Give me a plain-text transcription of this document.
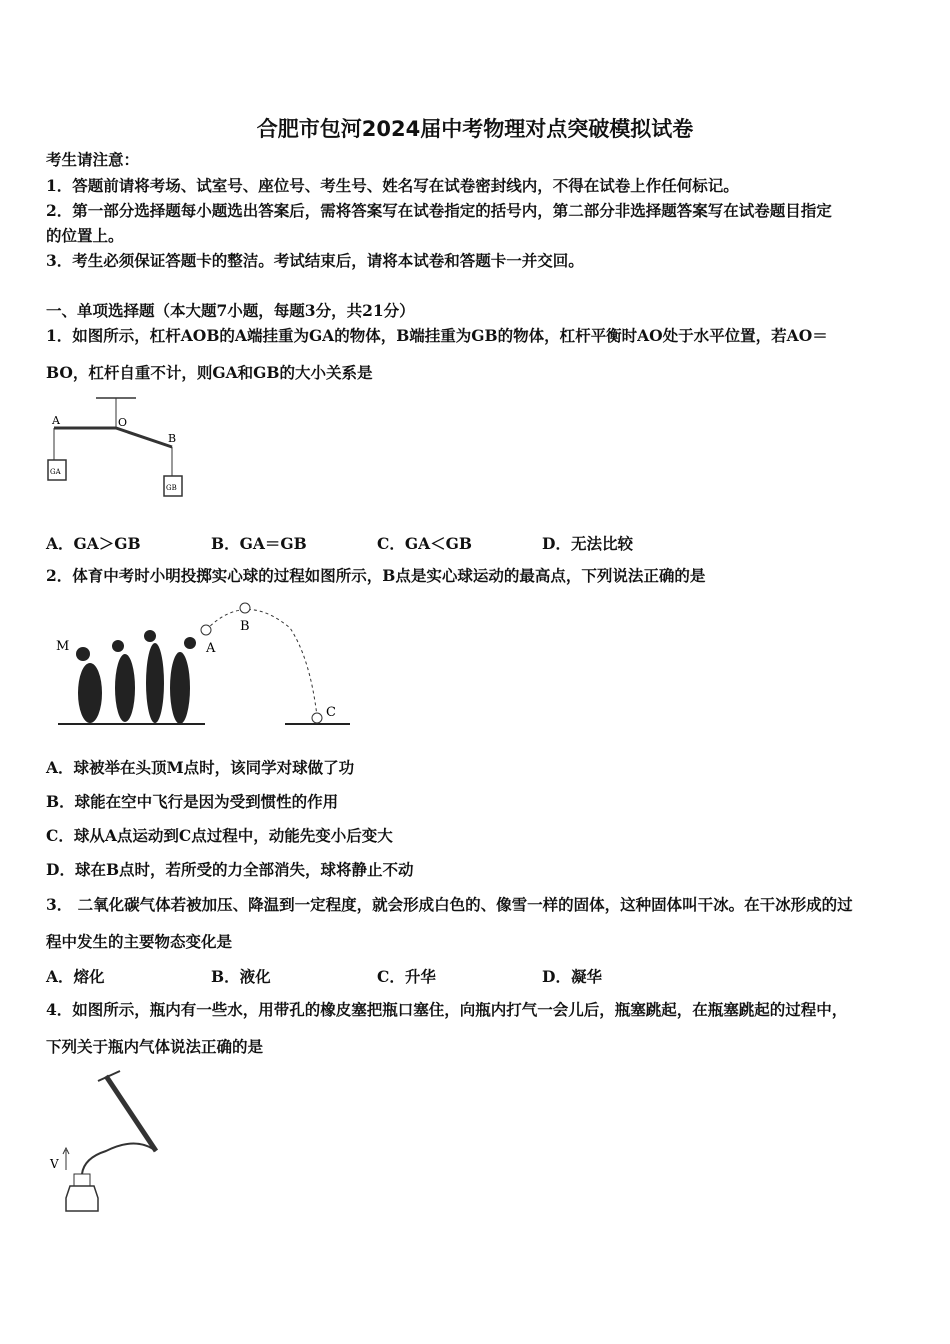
合肥市包河2024届中考物理对点突破模拟试卷
考生请注意：
1．答题前请将考场、试室号、座位号、考生号、姓名写在试卷密封线内，不得在试卷上作任何标记。
2．第一部分选择题每小题选出答案后，需将答案写在试卷指定的括号内，第二部分非选择题答案写在试卷题目指定
的位置上。
3．考生必须保证答题卡的整洁。考试结束后，请将本试卷和答题卡一并交回。
一、单项选择题（本大题7小题，每题3分，共21分）
1．如图所示，杠杆AOB的A端挂重为GA的物体，B端挂重为GB的物体，杠杆平衡时AO处于水平位置，若AO＝
BO，杠杆自重不计，则GA和GB的大小关系是
A	O
B
GA
GB
A．GA＞GB	B．GA＝GB	C．GA＜GB	D．无法比较
2．体育中考时小明投掷实心球的过程如图所示，B点是实心球运动的最高点，下列说法正确的是
M	A
B
C
A．球被举在头顶M点时，该同学对球做了功
B．球能在空中飞行是因为受到惯性的作用
C．球从A点运动到C点过程中，动能先变小后变大
D．球在B点时，若所受的力全部消失，球将静止不动
3． 二氧化碳气体若被加压、降温到一定程度，就会形成白色的、像雪一样的固体，这种固体叫干冰。在干冰形成的过
程中发生的主要物态变化是
A．熔化	B．液化	C．升华	D．凝华
4．如图所示，瓶内有一些水，用带孔的橡皮塞把瓶口塞住，向瓶内打气一会儿后，瓶塞跳起，在瓶塞跳起的过程中，
下列关于瓶内气体说法正确的是
V
